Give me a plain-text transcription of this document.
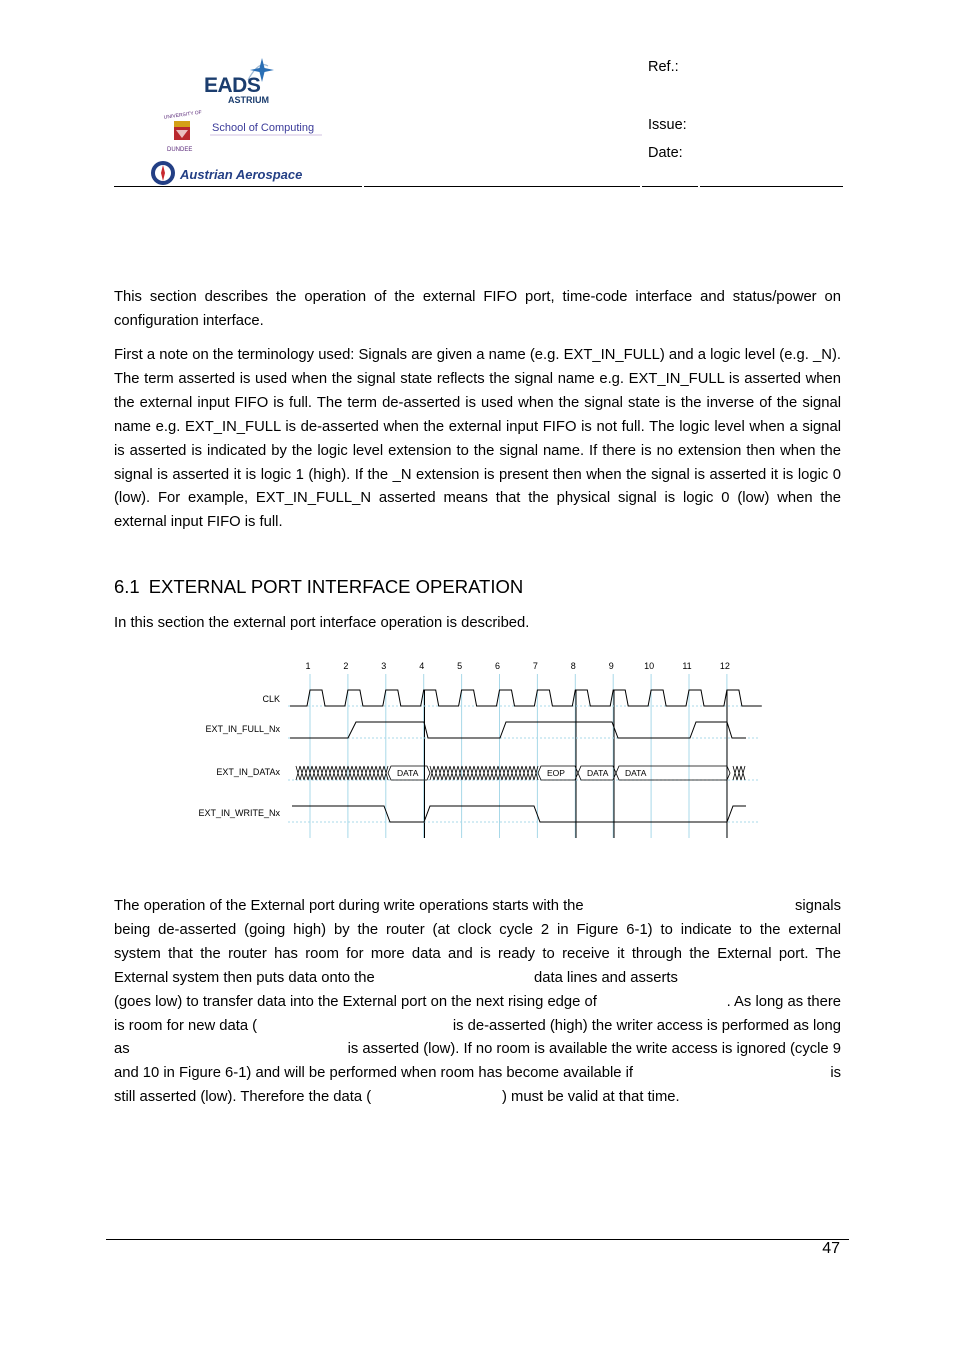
EADS
ASTRIUM
UNIVERSITY OF
School of Computing
DUNDEE
Austrian Aerospace
Ref.:
Issue:
Date:

This section describes the operation of the external FIFO port, time-code interface and status/power on configuration interface.

First a note on the terminology used: Signals are given a name (e.g. EXT_IN_FULL) and a logic level (e.g. _N). The term asserted is used when the signal state reflects the signal name e.g. EXT_IN_FULL is asserted when the external input FIFO is full. The term de-asserted is used when the signal state is the inverse of the signal name e.g. EXT_IN_FULL is de-asserted when the external input FIFO is not full. The logic level when a signal is asserted is indicated by the logic level extension to the signal name. If there is no extension then when the signal is asserted it is logic 1 (high). If the _N extension is present then when the signal is asserted it is logic 0 (low). For example, EXT_IN_FULL_N asserted means that the physical signal is logic 0 (low) when the external input FIFO is full.

6.1 EXTERNAL PORT INTERFACE OPERATION

In this section the external port interface operation is described.

1	2	3	4	5	6	7	8	9	10	11	12
CLK
EXT_IN_FULL_Nx
EXT_IN_DATAx
EXT_IN_WRITE_Nx
DATA	EOP	DATA DATA
The operation of the External port during write operations starts with the	signals
being de-asserted (going high) by the router (at clock cycle 2 in Figure 6-1) to indicate to the external
system that the router has room for more data and is ready to receive it through the External port. The
External system then puts data onto the	data lines and asserts
(goes low) to transfer data into the External port on the next rising edge of	. As long as there
is room for new data (	is de-asserted (high) the writer access is performed as long
as	is asserted (low). If no room is available the write access is ignored (cycle 9
and 10 in Figure 6-1) and will be performed when room has become available if	is
still asserted (low). Therefore the data (	) must be valid at that time.
47
